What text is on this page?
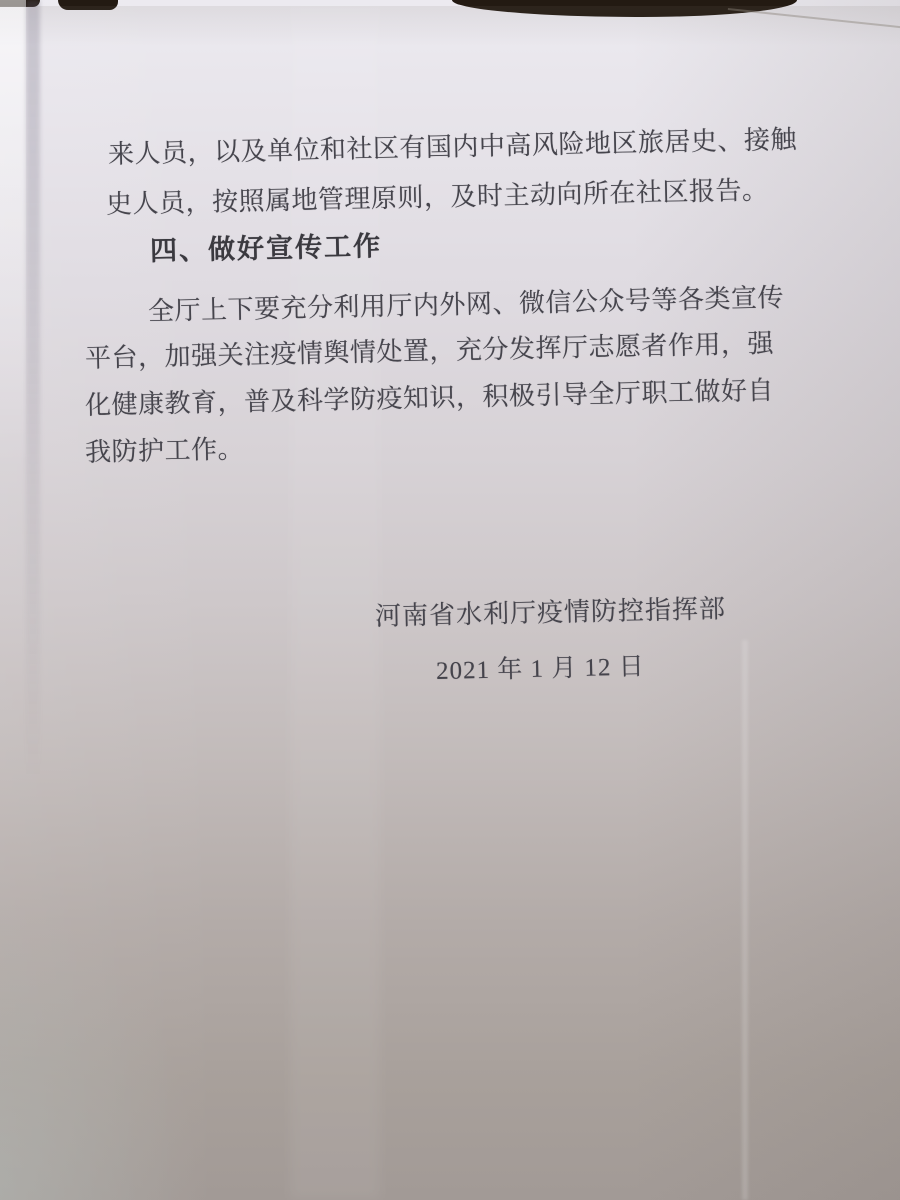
来人员，以及单位和社区有国内中高风险地区旅居史、接触
史人员，按照属地管理原则，及时主动向所在社区报告。
四、做好宣传工作
全厅上下要充分利用厅内外网、微信公众号等各类宣传
平台，加强关注疫情舆情处置，充分发挥厅志愿者作用，强
化健康教育，普及科学防疫知识，积极引导全厅职工做好自
我防护工作。
河南省水利厅疫情防控指挥部
2021 年 1 月 12 日
